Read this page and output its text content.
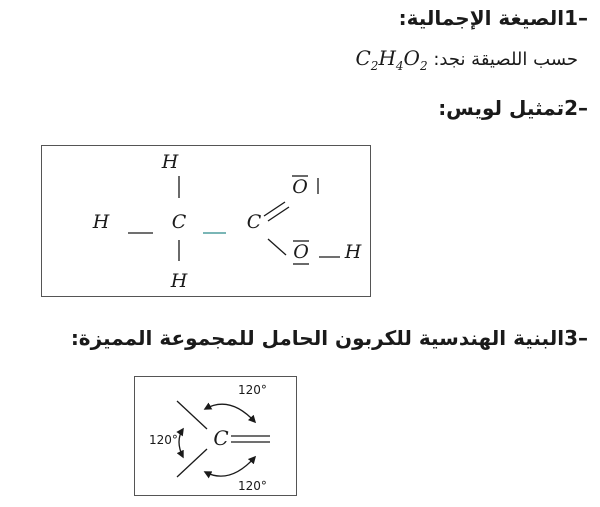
1–الصيغة الإجمالية:
حسب اللصيقة نجد: $C_2H_4O_2$
2–تمثيل لويس:
H
H	C
H
C
O
O H
3–البنية الهندسية للكربون الحامل للمجموعة المميزة:
C
120°
120°
120°
